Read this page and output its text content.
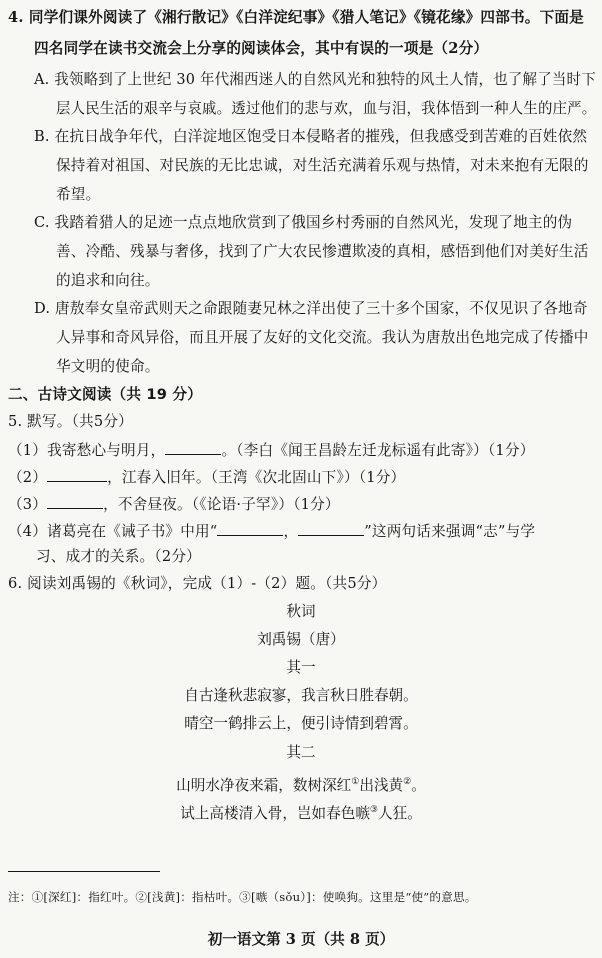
4. 同学们课外阅读了《湘行散记》《白洋淀纪事》《猎人笔记》《镜花缘》四部书。下面是
四名同学在读书交流会上分享的阅读体会，其中有误的一项是（2分）
A. 我领略到了上世纪 30 年代湘西迷人的自然风光和独特的风土人情，也了解了当时下
层人民生活的艰辛与哀戚。透过他们的悲与欢，血与泪，我体悟到一种人生的庄严。
B. 在抗日战争年代，白洋淀地区饱受日本侵略者的摧残，但我感受到苦难的百姓依然
保持着对祖国、对民族的无比忠诚，对生活充满着乐观与热情，对未来抱有无限的
希望。
C. 我踏着猎人的足迹一点点地欣赏到了俄国乡村秀丽的自然风光，发现了地主的伪
善、冷酷、残暴与奢侈，找到了广大农民惨遭欺凌的真相，感悟到他们对美好生活
的追求和向往。
D. 唐敖奉女皇帝武则天之命跟随妻兄林之洋出使了三十多个国家，不仅见识了各地奇
人异事和奇风异俗，而且开展了友好的文化交流。我认为唐敖出色地完成了传播中
华文明的使命。
二、古诗文阅读（共 19 分）
5. 默写。（共5分）
（1）我寄愁心与明月，	。（李白《闻王昌龄左迁龙标遥有此寄》）（1分）
（2）	，江春入旧年。（王湾《次北固山下》）（1分）
（3）	，不舍昼夜。（《论语·子罕》）（1分）
（4）诸葛亮在《诫子书》中用“	，	”这两句话来强调“志”与学
习、成才的关系。（2分）
6. 阅读刘禹锡的《秋词》，完成（1）-（2）题。（共5分）
秋词
刘禹锡（唐）
其一
自古逢秋悲寂寥，我言秋日胜春朝。
晴空一鹤排云上，便引诗情到碧霄。
其二
山明水净夜来霜，数树深红①出浅黄②。
试上高楼清入骨，岂如春色嗾③人狂。
注：①[深红]：指红叶。②[浅黄]：指枯叶。③[嗾（sǒu）]：使唤狗。这里是“使”的意思。
初一语文第 3 页（共 8 页）
